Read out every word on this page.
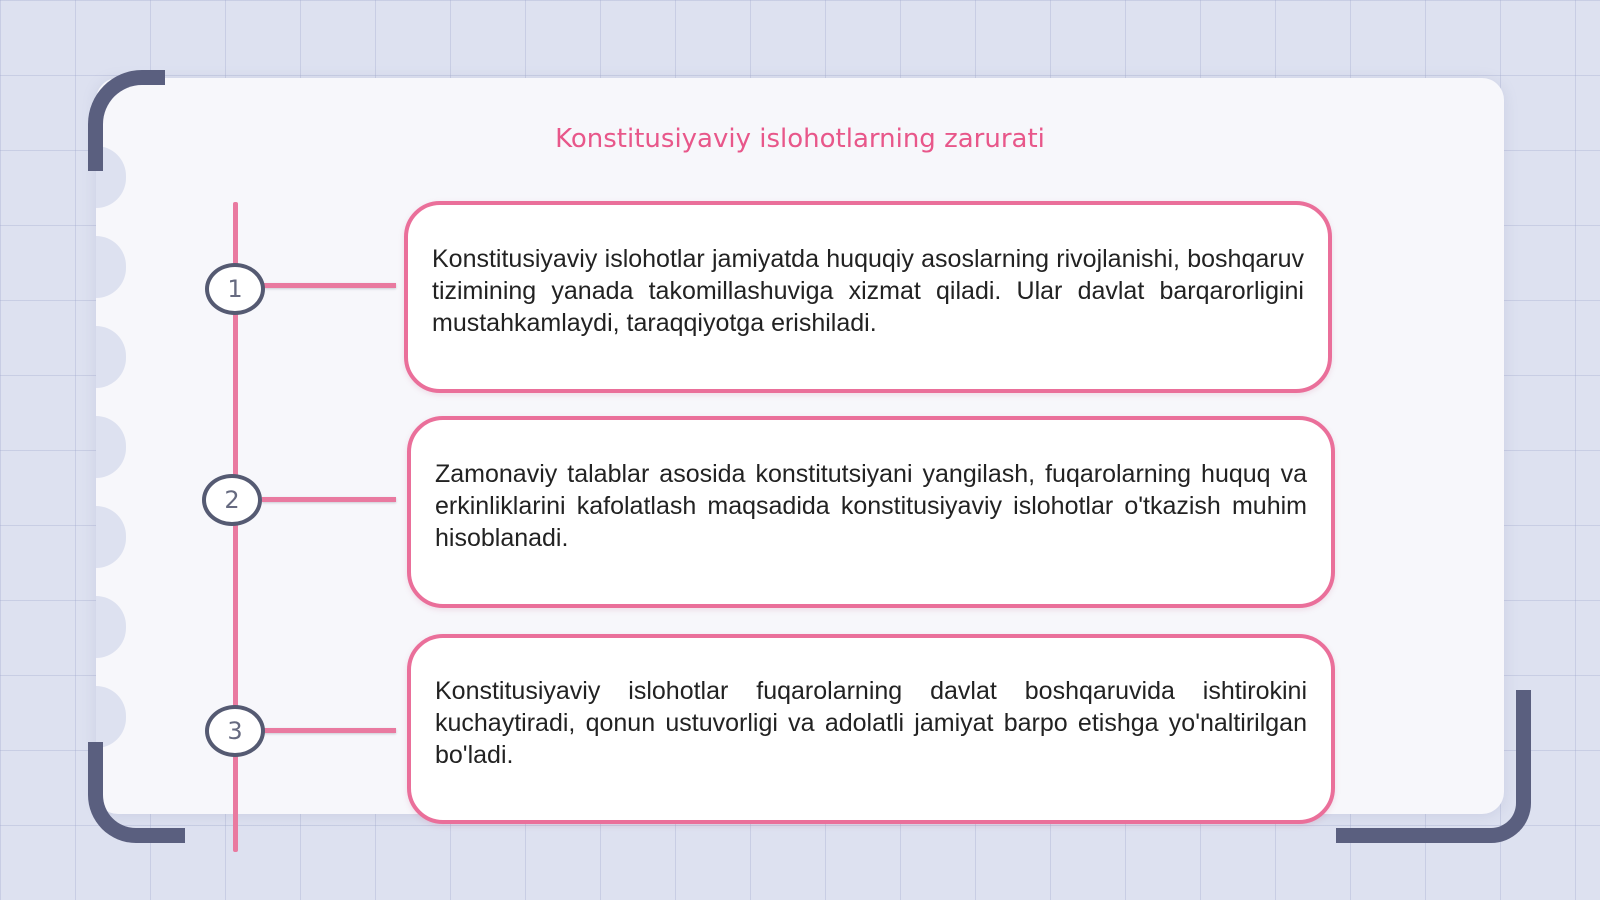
Konstitusiyaviy islohotlarning zarurati
1

Konstitusiyaviy islohotlar jamiyatda huquqiy asoslarning rivojlanishi, boshqaruv tizimining yanada takomillashuviga xizmat qiladi. Ular davlat barqarorligini mustahkamlaydi, taraqqiyotga erishiladi.

2

Zamonaviy talablar asosida konstitutsiyani yangilash, fuqarolarning huquq va erkinliklarini kafolatlash maqsadida konstitusiyaviy islohotlar o'tkazish muhim hisoblanadi.

3

Konstitusiyaviy islohotlar fuqarolarning davlat boshqaruvida ishtirokini kuchaytiradi, qonun ustuvorligi va adolatli jamiyat barpo etishga yo'naltirilgan bo'ladi.
